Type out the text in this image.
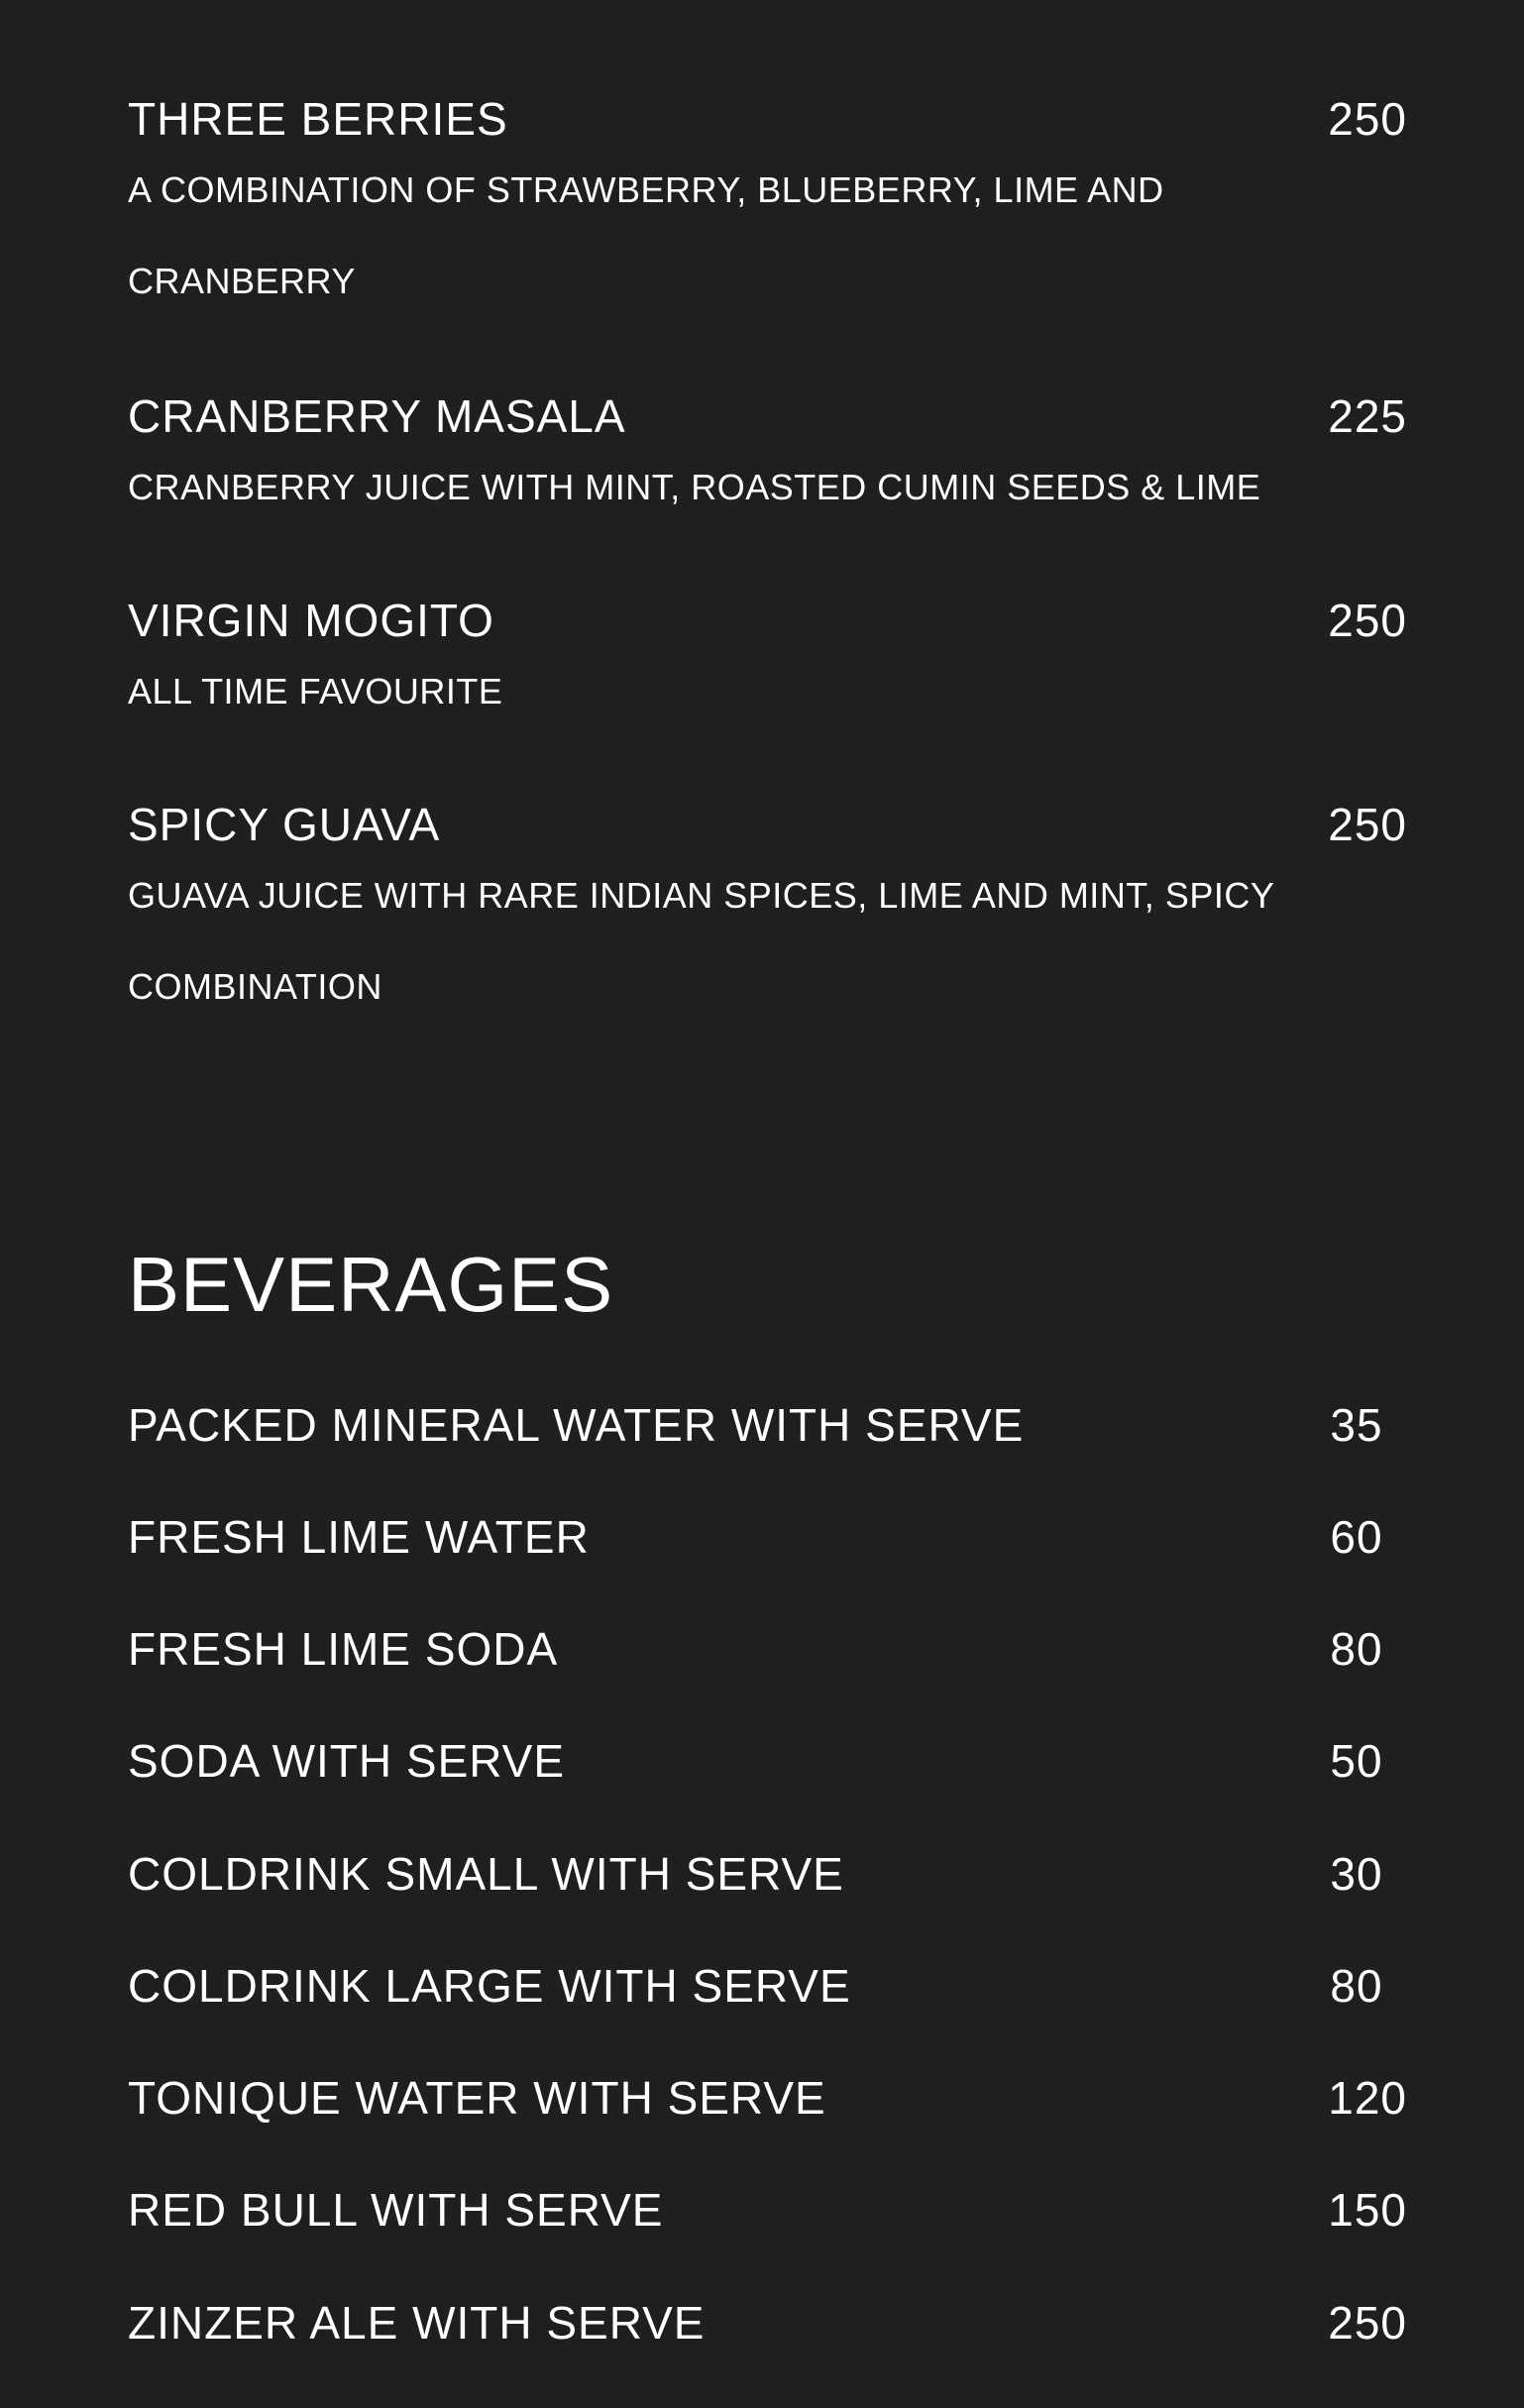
THREE BERRIES	250
A COMBINATION OF STRAWBERRY, BLUEBERRY, LIME AND CRANBERRY
CRANBERRY MASALA	225
CRANBERRY JUICE WITH MINT, ROASTED CUMIN SEEDS & LIME
VIRGIN MOGITO	250
ALL TIME FAVOURITE
SPICY GUAVA	250
GUAVA JUICE WITH RARE INDIAN SPICES, LIME AND MINT, SPICY COMBINATION
BEVERAGES
PACKED MINERAL WATER WITH SERVE	35
FRESH LIME WATER	60
FRESH LIME SODA	80
SODA WITH SERVE	50
COLDRINK SMALL WITH SERVE	30
COLDRINK LARGE WITH SERVE	80
TONIQUE WATER WITH SERVE	120
RED BULL WITH SERVE	150
ZINZER ALE WITH SERVE	250
